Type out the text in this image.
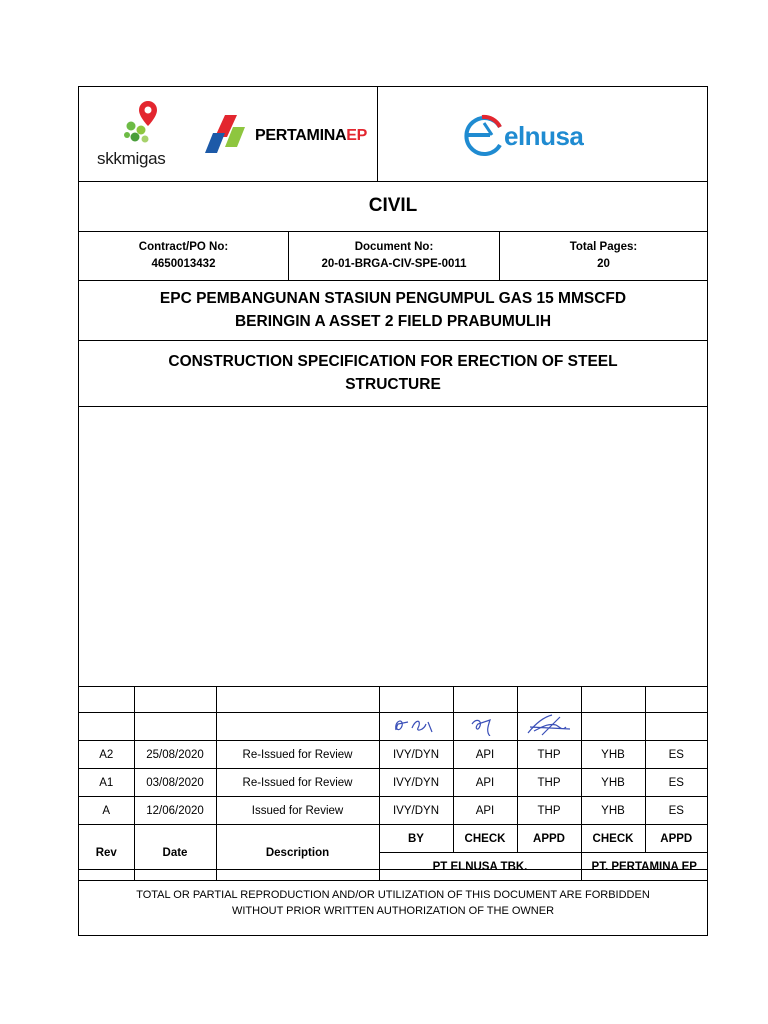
skkmigas
PERTAMINAEP	elnusa
CIVIL
Contract/PO No:
4650013432
Document No:
20-01-BRGA-CIV-SPE-0011
Total Pages:
20
EPC PEMBANGUNAN STASIUN PENGUMPUL GAS 15 MMSCFD
BERINGIN A ASSET 2 FIELD PRABUMULIH
CONSTRUCTION SPECIFICATION FOR ERECTION OF STEEL
STRUCTURE

A2	25/08/2020	Re-Issued for Review	IVY/DYN	API	THP	YHB	ES
A1	03/08/2020	Re-Issued for Review	IVY/DYN	API	THP	YHB	ES
A	12/06/2020	Issued for Review	IVY/DYN	API	THP	YHB	ES
Rev	Date	Description	BY	CHECK	APPD	CHECK	APPD
			PT ELNUSA TBK.			PT. PERTAMINA EP	
TOTAL OR PARTIAL REPRODUCTION AND/OR UTILIZATION OF THIS DOCUMENT ARE FORBIDDEN
WITHOUT PRIOR WRITTEN AUTHORIZATION OF THE OWNER
